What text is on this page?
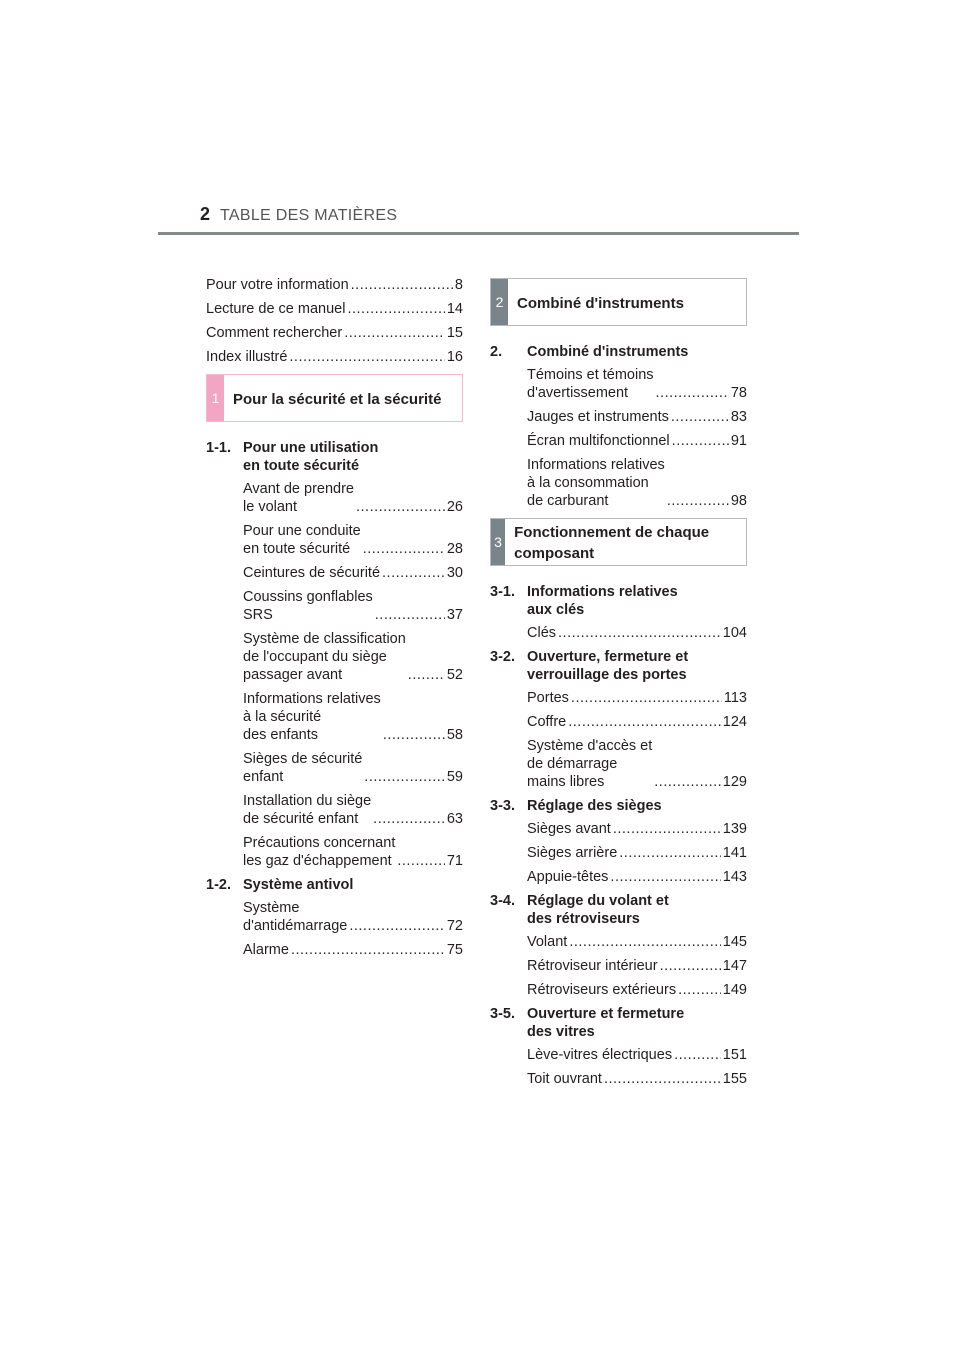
2 TABLE DES MATIÈRES
Pour votre information .....	8
Lecture de ce manuel .....	14
Comment rechercher .....	15
Index illustré .....	16
1 Pour la sécurité et la sécurité
1-1. Pour une utilisation
en toute sécurité
Avant de prendre
le volant .....	26
Pour une conduite
en toute sécurité .....	28
Ceintures de sécurité .....	30
Coussins gonflables
SRS .....	37
Système de classification
de l'occupant du siège
passager avant .....	52
Informations relatives
à la sécurité
des enfants .....	58
Sièges de sécurité
enfant .....	59
Installation du siège
de sécurité enfant .....	63
Précautions concernant
les gaz d'échappement .....	71
1-2. Système antivol
Système
d'antidémarrage .....	72
Alarme .....	75
2 Combiné d'instruments
2.	Combiné d'instruments
Témoins et témoins
d'avertissement .....	78
Jauges et instruments .....	83
Écran multifonctionnel .....	91
Informations relatives
à la consommation
de carburant .....	98
3
Fonctionnement de chaque composant
3-1. Informations relatives
aux clés
Clés .....	104
3-2. Ouverture, fermeture et
verrouillage des portes
Portes .....	113
Coffre .....	124
Système d'accès et
de démarrage
mains libres .....	129
3-3. Réglage des sièges
Sièges avant .....	139
Sièges arrière .....	141
Appuie-têtes .....	143
3-4. Réglage du volant et
des rétroviseurs
Volant .....	145
Rétroviseur intérieur .....	147
Rétroviseurs extérieurs .....	149
3-5. Ouverture et fermeture
des vitres
Lève-vitres électriques .....	151
Toit ouvrant .....	155
